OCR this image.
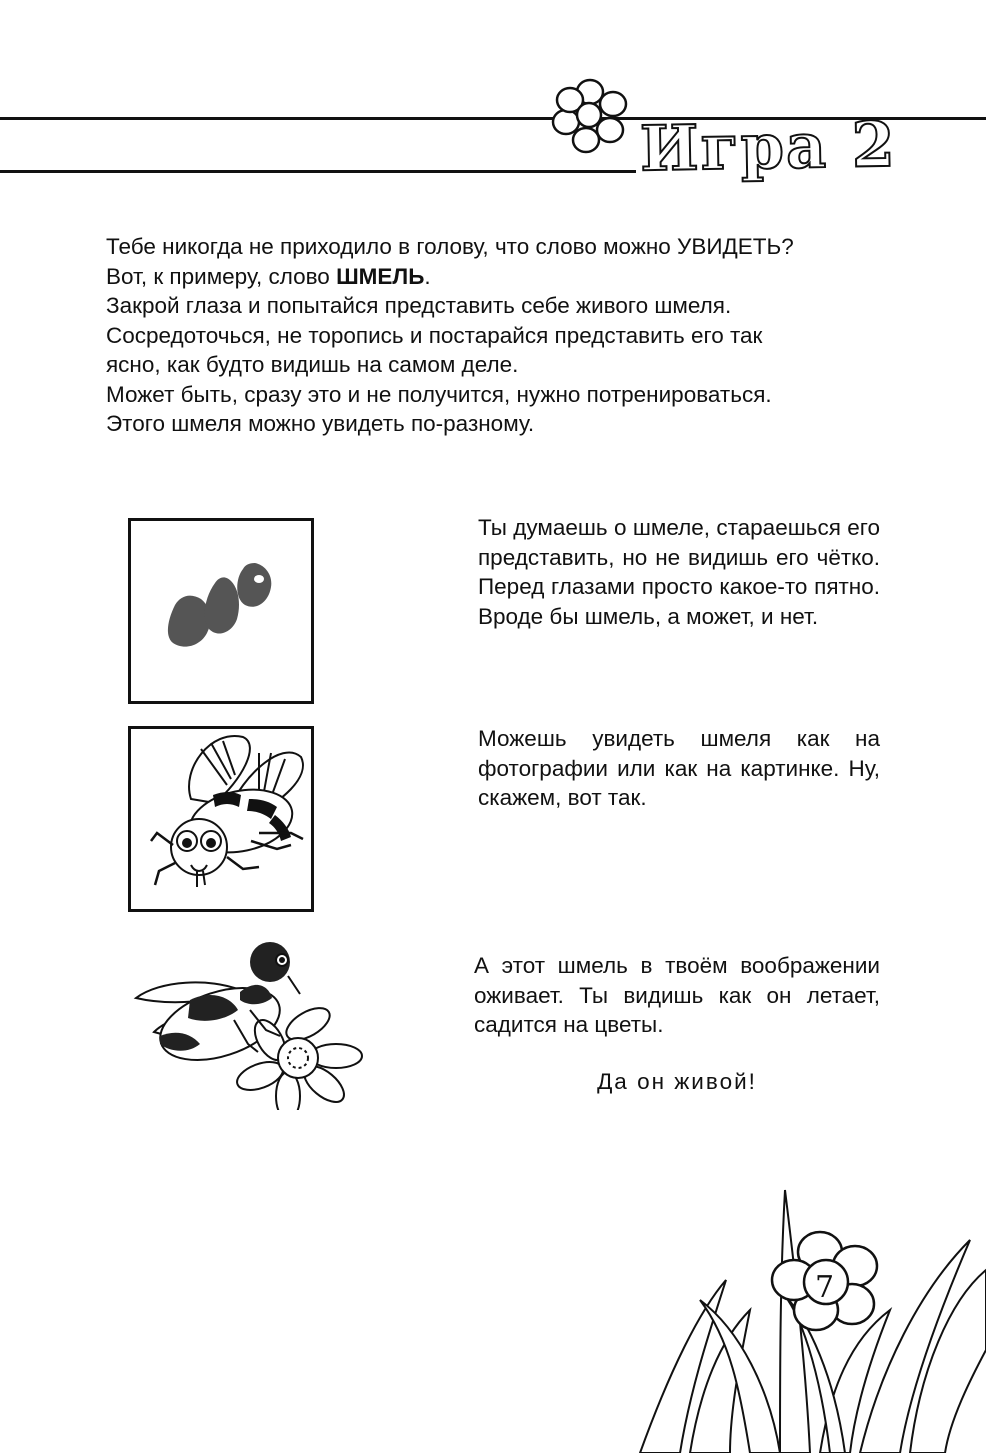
Игра 2
Тебе никогда не приходило в голову, что слово можно УВИДЕТЬ?
Вот, к примеру, слово ШМЕЛЬ.
Закрой глаза и попытайся представить себе живого шмеля.
Сосредоточься, не торопись и постарайся представить его так
ясно, как будто видишь на самом деле.
Может быть, сразу это и не получится, нужно потренироваться.
Этого шмеля можно увидеть по-разному.

Ты думаешь о шмеле, стараешься его представить, но не видишь его чётко. Перед глазами просто какое-то пятно. Вроде бы шмель, а может, и нет.

Можешь увидеть шмеля как на фотографии или как на картинке. Ну, скажем, вот так.

А этот шмель в твоём воображении оживает. Ты видишь как он летает, садится на цветы.

Да он живой!

7
